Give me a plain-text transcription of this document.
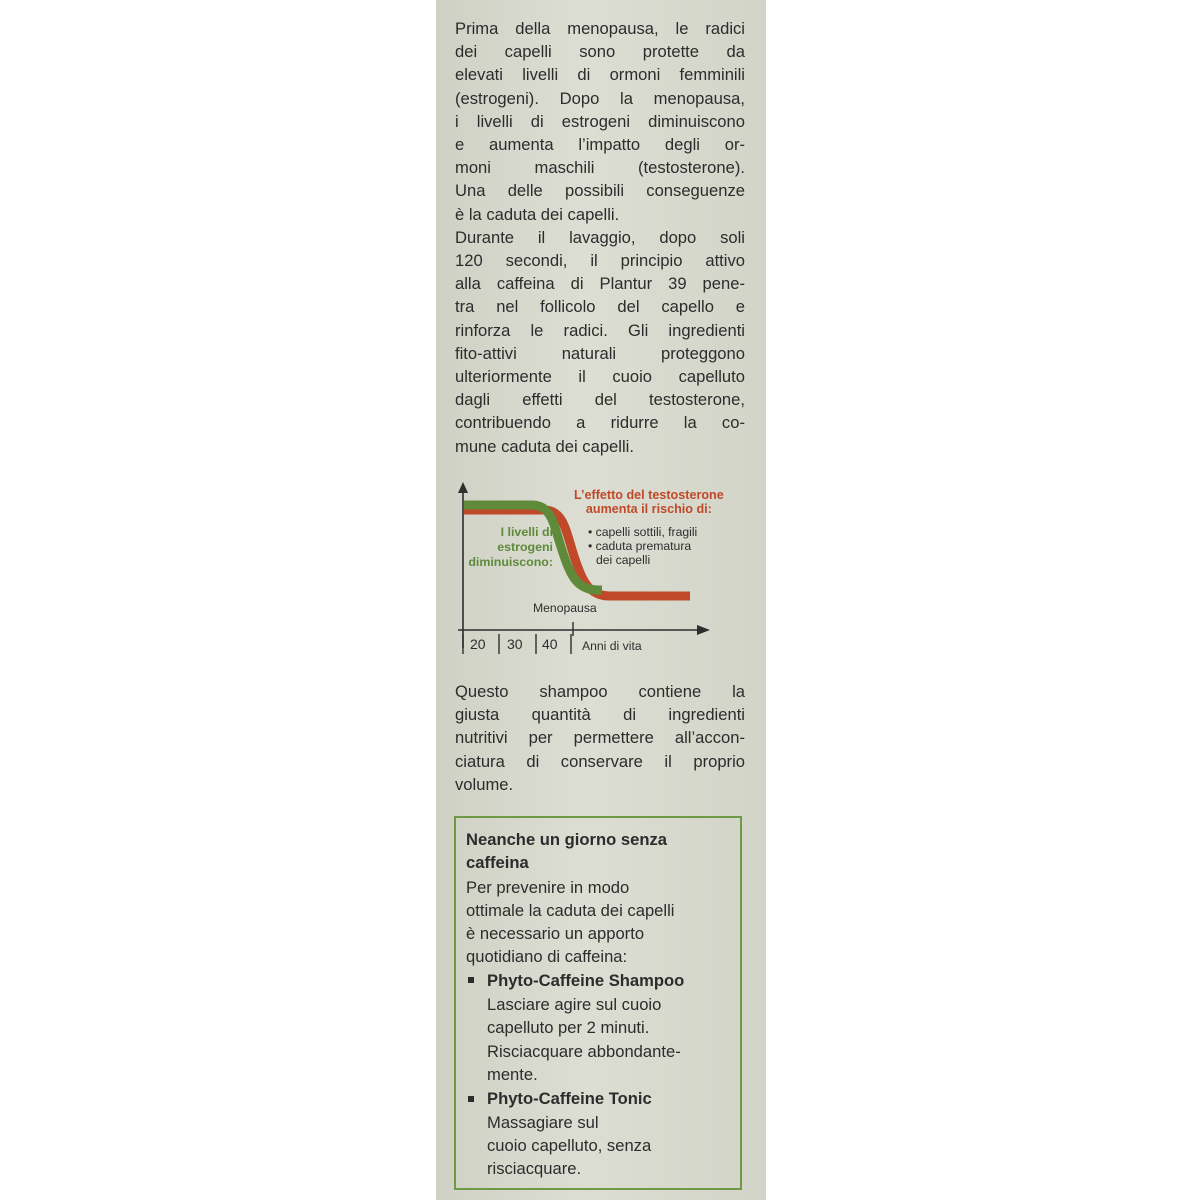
Prima della menopausa, le radici
dei capelli sono protette da
elevati livelli di ormoni femminili
(estrogeni). Dopo la menopausa,
i livelli di estrogeni diminuiscono
e aumenta l’impatto degli or-
moni maschili (testosterone).
Una delle possibili conseguenze
è la caduta dei capelli.
Durante il lavaggio, dopo soli
120 secondi, il principio attivo
alla caffeina di Plantur 39 pene-
tra nel follicolo del capello e
rinforza le radici. Gli ingredienti
fito-attivi naturali proteggono
ulteriormente il cuoio capelluto
dagli effetti del testosterone,
contribuendo a ridurre la co-
mune caduta dei capelli.
I livelli di
estrogeni
diminuiscono:
L’effetto del testosterone
aumenta il rischio di:
• capelli sottili, fragili
• caduta prematura
dei capelli
Menopausa
20 30 40 Anni di vita
Questo shampoo contiene la
giusta quantità di ingredienti
nutritivi per permettere all’accon-
ciatura di conservare il proprio
volume.
Neanche un giorno senza
caffeina
Per prevenire in modo
ottimale la caduta dei capelli
è necessario un apporto
quotidiano di caffeina:
Phyto-Caffeine Shampoo
Lasciare agire sul cuoio
capelluto per 2 minuti.
Risciacquare abbondante-
mente.
Phyto-Caffeine Tonic
Massagiare sul
cuoio capelluto, senza
risciacquare.
